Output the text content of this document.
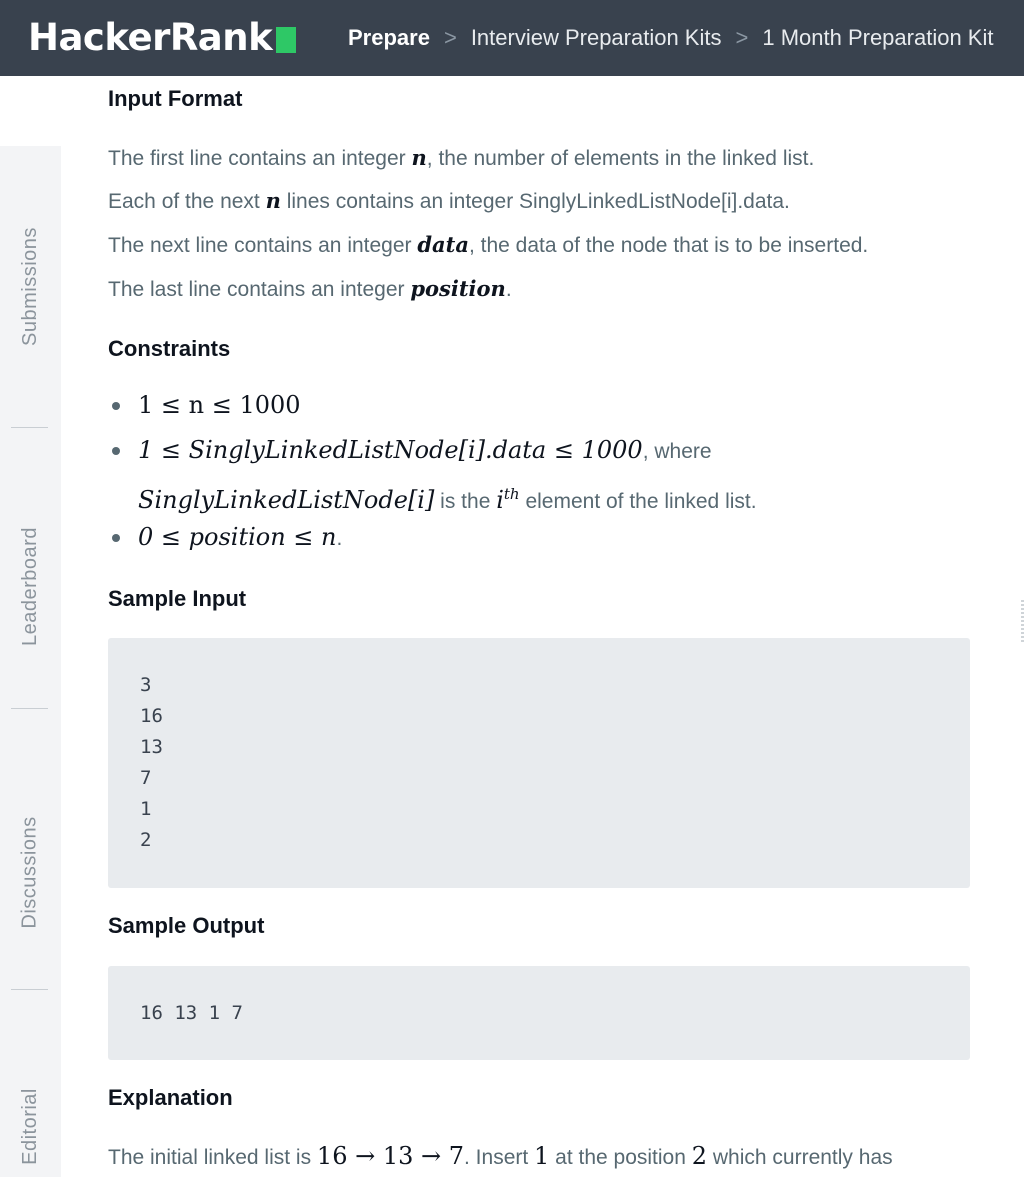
HackerRank	Prepare > Interview Preparation Kits > 1 Month Preparation Kit
Submissions
Leaderboard
Discussions
Editorial
Input Format
The first line contains an integer n, the number of elements in the linked list.
Each of the next n lines contains an integer SinglyLinkedListNode[i].data.
The next line contains an integer data, the data of the node that is to be inserted.
The last line contains an integer position.
Constraints
1 ≤ n ≤ 1000
1 ≤ SinglyLinkedListNode[i].data ≤ 1000, where
SinglyLinkedListNode[i] is the $i^{th}$ element of the linked list.
0 ≤ position ≤ n.
Sample Input
3
16
13
7
1
2
Sample Output
16 13 1 7
Explanation
The initial linked list is 16 → 13 → 7. Insert 1 at the position 2 which currently has
